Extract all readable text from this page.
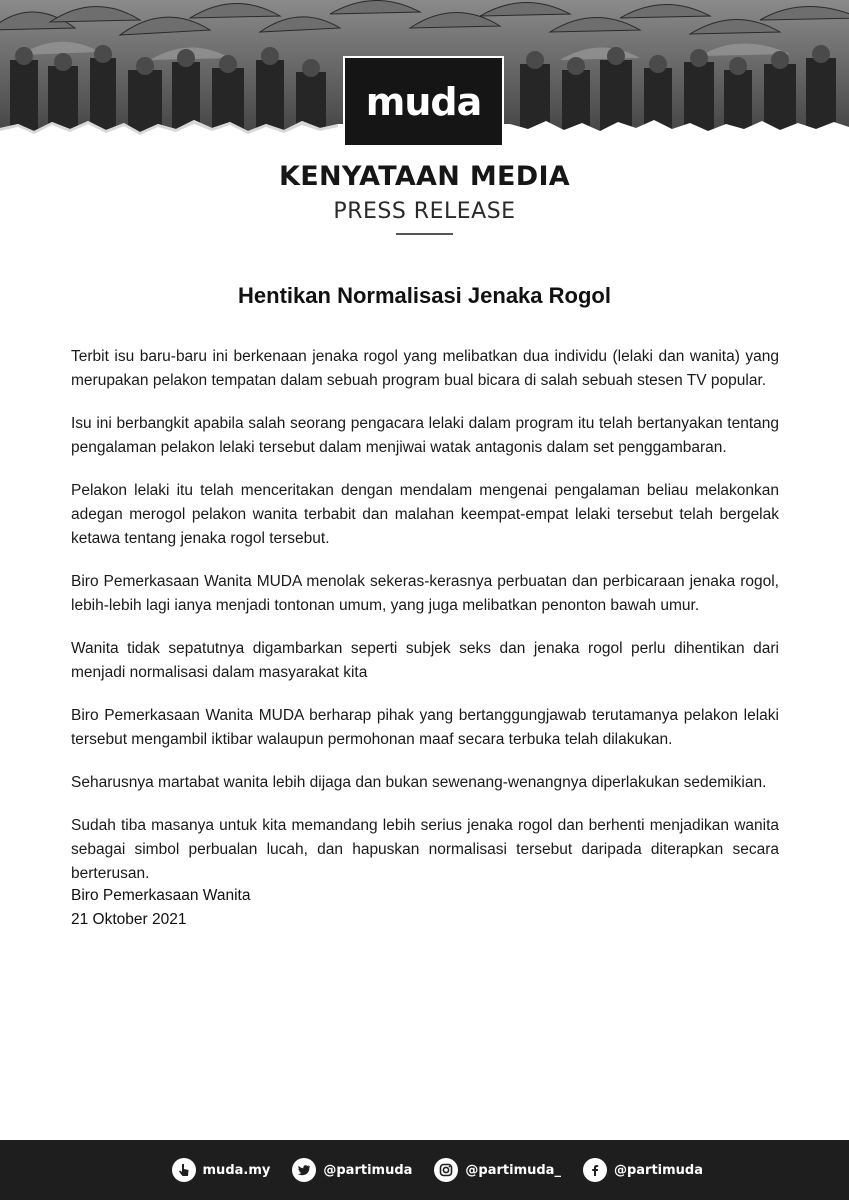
muda
KENYATAAN MEDIA
PRESS RELEASE
Hentikan Normalisasi Jenaka Rogol

Terbit isu baru-baru ini berkenaan jenaka rogol yang melibatkan dua individu (lelaki dan wanita) yang merupakan pelakon tempatan dalam sebuah program bual bicara di salah sebuah stesen TV popular.

Isu ini berbangkit apabila salah seorang pengacara lelaki dalam program itu telah bertanyakan tentang pengalaman pelakon lelaki tersebut dalam menjiwai watak antagonis dalam set penggambaran.

Pelakon lelaki itu telah menceritakan dengan mendalam mengenai pengalaman beliau melakonkan adegan merogol pelakon wanita terbabit dan malahan keempat-empat lelaki tersebut telah bergelak ketawa tentang jenaka rogol tersebut.

Biro Pemerkasaan Wanita MUDA menolak sekeras-kerasnya perbuatan dan perbicaraan jenaka rogol, lebih-lebih lagi ianya menjadi tontonan umum, yang juga melibatkan penonton bawah umur.

Wanita tidak sepatutnya digambarkan seperti subjek seks dan jenaka rogol perlu dihentikan dari menjadi normalisasi dalam masyarakat kita

Biro Pemerkasaan Wanita MUDA berharap pihak yang bertanggungjawab terutamanya pelakon lelaki tersebut mengambil iktibar walaupun permohonan maaf secara terbuka telah dilakukan.

Seharusnya martabat wanita lebih dijaga dan bukan sewenang-wenangnya diperlakukan sedemikian.

Sudah tiba masanya untuk kita memandang lebih serius jenaka rogol dan berhenti menjadikan wanita sebagai simbol perbualan lucah, dan hapuskan normalisasi tersebut daripada diterapkan secara berterusan.

Biro Pemerkasaan Wanita
21 Oktober 2021
muda.my	@partimuda	@partimuda_	@partimuda
